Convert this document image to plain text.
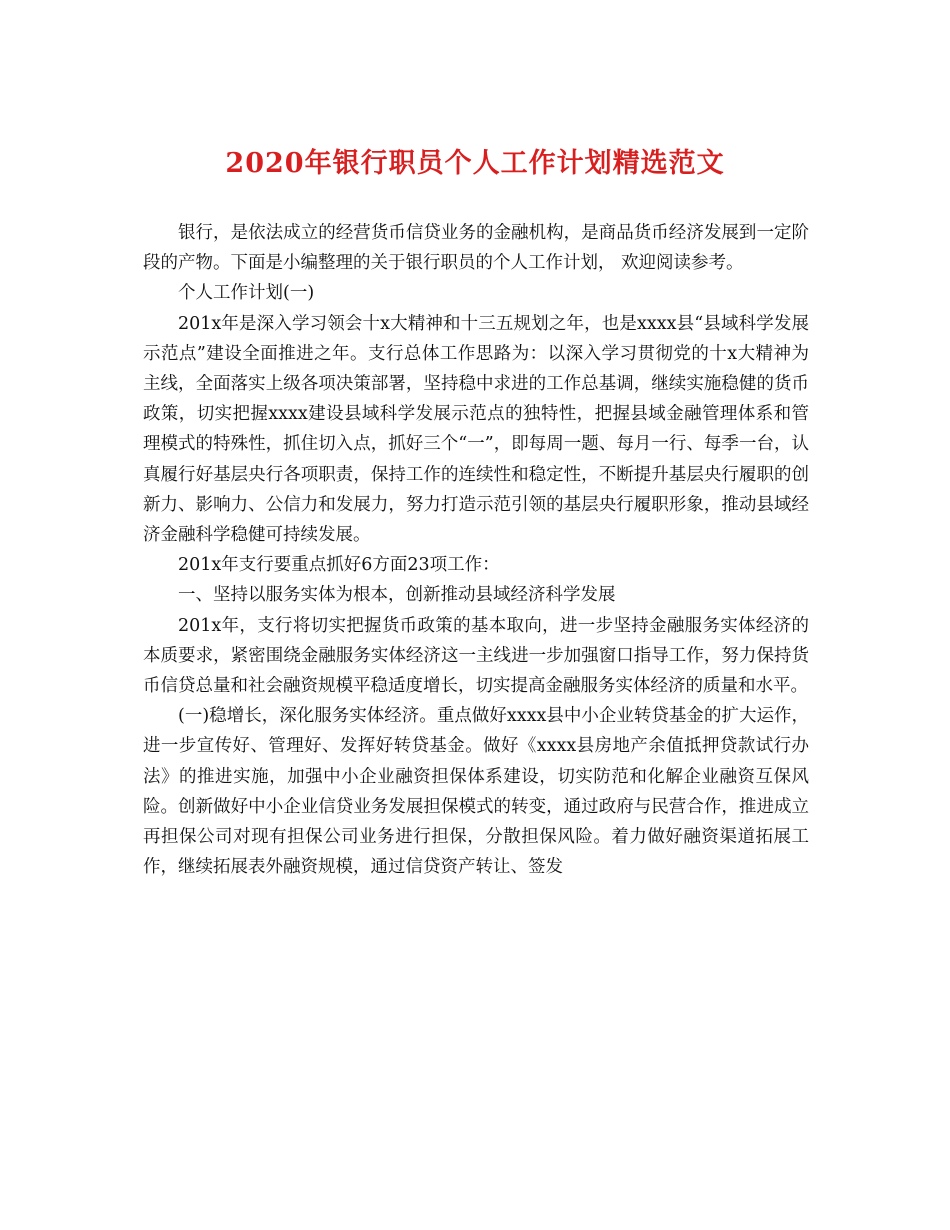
2020年银行职员个人工作计划精选范文

银行，是依法成立的经营货币信贷业务的金融机构，是商品货币经济发展到一定阶段的产物。下面是小编整理的关于银行职员的个人工作计划， 欢迎阅读参考。

个人工作计划(一)

201x年是深入学习领会十x大精神和十三五规划之年，也是xxxx县“县域科学发展示范点”建设全面推进之年。支行总体工作思路为：以深入学习贯彻党的十x大精神为主线，全面落实上级各项决策部署，坚持稳中求进的工作总基调，继续实施稳健的货币政策，切实把握xxxx建设县域科学发展示范点的独特性，把握县域金融管理体系和管理模式的特殊性，抓住切入点，抓好三个“一”，即每周一题、每月一行、每季一台，认真履行好基层央行各项职责，保持工作的连续性和稳定性，不断提升基层央行履职的创新力、影响力、公信力和发展力，努力打造示范引领的基层央行履职形象，推动县域经济金融科学稳健可持续发展。

201x年支行要重点抓好6方面23项工作：

一、坚持以服务实体为根本，创新推动县域经济科学发展

201x年，支行将切实把握货币政策的基本取向，进一步坚持金融服务实体经济的本质要求，紧密围绕金融服务实体经济这一主线进一步加强窗口指导工作，努力保持货币信贷总量和社会融资规模平稳适度增长，切实提高金融服务实体经济的质量和水平。

(一)稳增长，深化服务实体经济。重点做好xxxx县中小企业转贷基金的扩大运作，进一步宣传好、管理好、发挥好转贷基金。做好《xxxx县房地产余值抵押贷款试行办法》的推进实施，加强中小企业融资担保体系建设，切实防范和化解企业融资互保风险。创新做好中小企业信贷业务发展担保模式的转变，通过政府与民营合作，推进成立再担保公司对现有担保公司业务进行担保，分散担保风险。着力做好融资渠道拓展工作，继续拓展表外融资规模，通过信贷资产转让、签发
